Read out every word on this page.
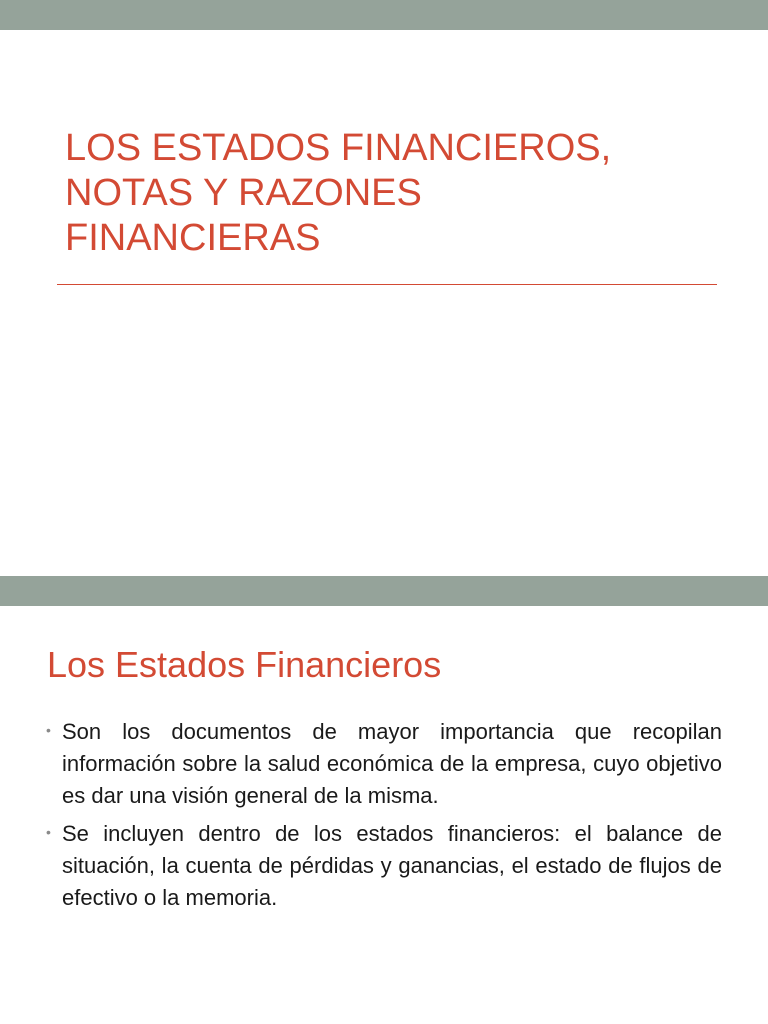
LOS ESTADOS FINANCIEROS,
NOTAS Y RAZONES
FINANCIERAS
Los Estados Financieros
• Son los documentos de mayor importancia que recopilan información sobre la salud económica de la empresa, cuyo objetivo es dar una visión general de la misma.
• Se incluyen dentro de los estados financieros: el balance de situación, la cuenta de pérdidas y ganancias, el estado de flujos de efectivo o la memoria.
